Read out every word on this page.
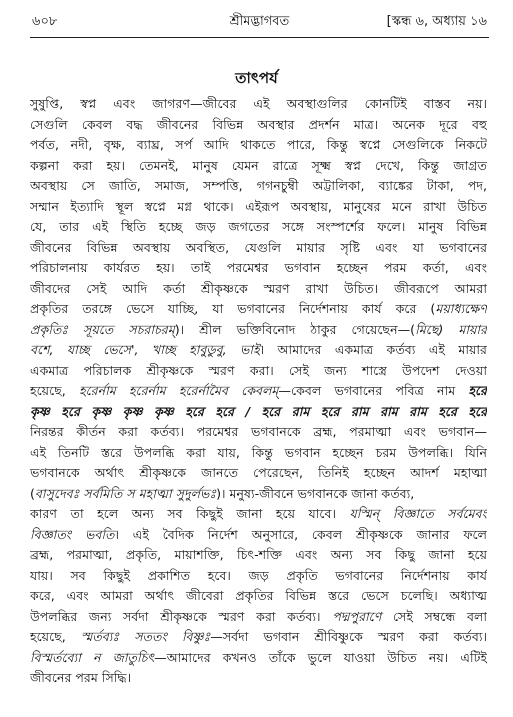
৬০৮	শ্রীমদ্ভাগবত	[স্কন্ধ ৬, অধ্যায় ১৬
তাৎপর্য
সুষুপ্তি, স্বপ্ন এবং জাগরণ—জীবের এই অবস্থাগুলির কোনটিই বাস্তব নয়।
সেগুলি কেবল বদ্ধ জীবনের বিভিন্ন অবস্থার প্রদর্শন মাত্র। অনেক দূরে বহু
পর্বত, নদী, বৃক্ষ, ব্যাঘ্র, সর্প আদি থাকতে পারে, কিন্তু স্বপ্নে সেগুলিকে নিকটে
কল্পনা করা হয়। তেমনই, মানুষ যেমন রাত্রে সূক্ষ্ম স্বপ্ন দেখে, কিন্তু জাগ্রত
অবস্থায় সে জাতি, সমাজ, সম্পত্তি, গগনচুম্বী অট্টালিকা, ব্যাঙ্কের টাকা, পদ,
সম্মান ইত্যাদি স্থূল স্বপ্নে মগ্ন থাকে। এইরূপ অবস্থায়, মানুষের মনে রাখা উচিত
যে, তার এই স্থিতি হচ্ছে জড় জগতের সঙ্গে সংস্পর্শের ফলে। মানুষ বিভিন্ন
জীবনের বিভিন্ন অবস্থায় অবস্থিত, যেগুলি মায়ার সৃষ্টি এবং যা ভগবানের
পরিচালনায় কার্যরত হয়। তাই পরমেশ্বর ভগবান হচ্ছেন পরম কর্তা, এবং
জীবদের সেই আদি কর্তা শ্রীকৃষ্ণকে স্মরণ রাখা উচিত। জীবরূপে আমরা
প্রকৃতির তরঙ্গে ভেসে যাচ্ছি, যা ভগবানের নির্দেশনায় কার্য করে (ময়াধ্যক্ষেণ
প্রকৃতিঃ সূয়তে সচরাচরম্)। শ্রীল ভক্তিবিনোদ ঠাকুর গেয়েছেন—(মিছে) মায়ার
বশে, যাচ্ছ ভেসে', খাচ্ছ হাবুডুবু, ভাই। আমাদের একমাত্র কর্তব্য এই মায়ার
একমাত্র পরিচালক শ্রীকৃষ্ণকে স্মরণ করা। সেই জন্য শাস্ত্রে উপদেশ দেওয়া
হয়েছে, হরের্নাম হরের্নাম হরের্নামৈব কেবলম্—কেবল ভগবানের পবিত্র নাম হরে
কৃষ্ণ হরে কৃষ্ণ কৃষ্ণ কৃষ্ণ হরে হরে / হরে রাম হরে রাম রাম রাম হরে হরে
নিরন্তর কীর্তন করা কর্তব্য। পরমেশ্বর ভগবানকে ব্রহ্ম, পরমাত্মা এবং ভগবান—
এই তিনটি স্তরে উপলব্ধি করা যায়, কিন্তু ভগবান হচ্ছেন চরম উপলব্ধি। যিনি
ভগবানকে অর্থাৎ শ্রীকৃষ্ণকে জানতে পেরেছেন, তিনিই হচ্ছেন আদর্শ মহাত্মা
(বাসুদেবঃ সর্বমিতি স মহাত্মা সুদুর্লভঃ)। মনুষ্য-জীবনে ভগবানকে জানা কর্তব্য,
কারণ তা হলে অন্য সব কিছুই জানা হয়ে যাবে। যস্মিন্ বিজ্ঞাতে সর্বমেবং
বিজ্ঞাতং ভবতি। এই বৈদিক নির্দেশ অনুসারে, কেবল শ্রীকৃষ্ণকে জানার ফলে
ব্রহ্ম, পরমাত্মা, প্রকৃতি, মায়াশক্তি, চিৎ-শক্তি এবং অন্য সব কিছু জানা হয়ে
যায়। সব কিছুই প্রকাশিত হবে। জড় প্রকৃতি ভগবানের নির্দেশনায় কার্য
করে, এবং আমরা অর্থাৎ জীবেরা প্রকৃতির বিভিন্ন স্তরে ভেসে চলেছি। অধ্যাত্ম
উপলব্ধির জন্য সর্বদা শ্রীকৃষ্ণকে স্মরণ করা কর্তব্য। পদ্মপুরাণে সেই সম্বন্ধে বলা
হয়েছে, স্মর্তব্যঃ সততং বিষ্ণুঃ—সর্বদা ভগবান শ্রীবিষ্ণুকে স্মরণ করা কর্তব্য।
বিস্মর্তব্যো ন জাতুচিৎ—আমাদের কখনও তাঁকে ভুলে যাওয়া উচিত নয়। এটিই
জীবনের পরম সিদ্ধি।
